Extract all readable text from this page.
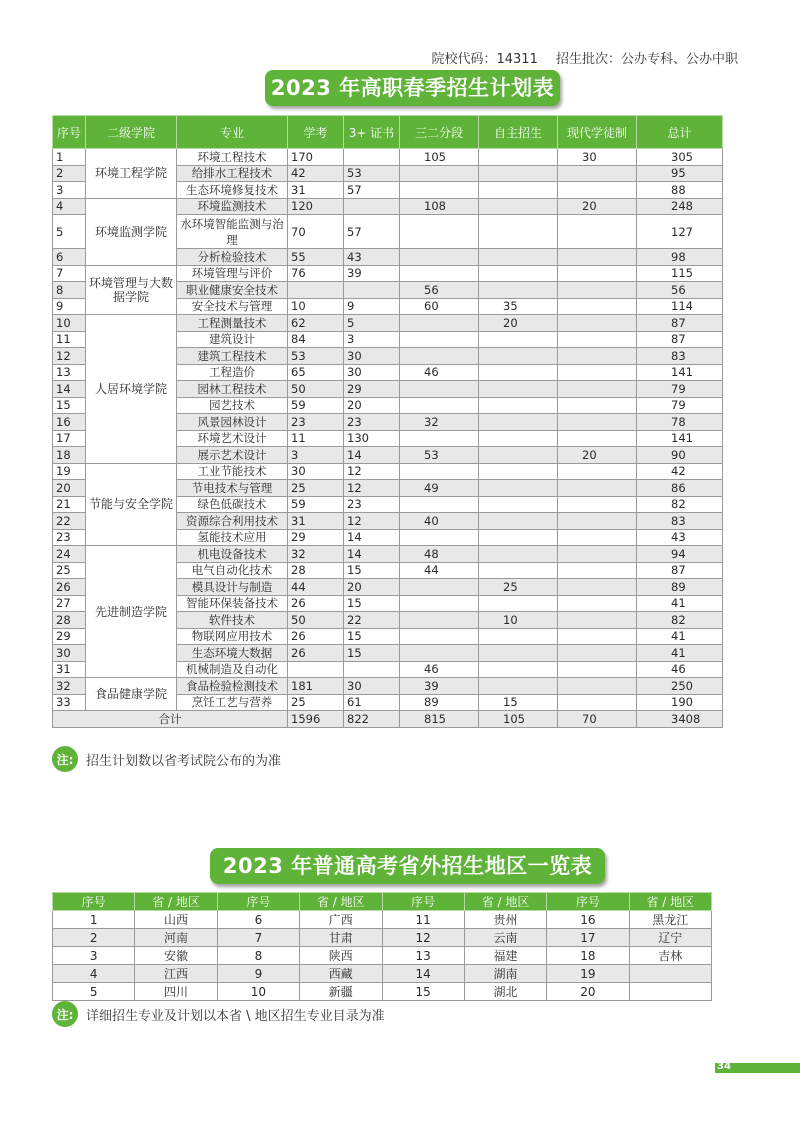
院校代码：14311 招生批次：公办专科、公办中职
2023 年高职春季招生计划表
序号	二级学院	专业	学考	3+ 证书	三二分段	自主招生	现代学徒制	总计
1	环境工程学院	环境工程技术	170		105		30	305
2		给排水工程技术	42	53				95
3		生态环境修复技术	31	57				88
4	环境监测学院	环境监测技术	120		108		20	248
5		水环境智能监测与治理	70	57				127
6		分析检验技术	55	43				98
7	环境管理与大数据学院	环境管理与评价	76	39				115
8		职业健康安全技术			56			56
9		安全技术与管理	10	9	60	35		114
10	人居环境学院	工程测量技术	62	5		20		87
11		建筑设计	84	3				87
12		建筑工程技术	53	30				83
13		工程造价	65	30	46			141
14		园林工程技术	50	29				79
15		园艺技术	59	20				79
16		风景园林设计	23	23	32			78
17		环境艺术设计	11	130				141
18		展示艺术设计	3	14	53		20	90
19	节能与安全学院	工业节能技术	30	12				42
20		节电技术与管理	25	12	49			86
21		绿色低碳技术	59	23				82
22		资源综合利用技术	31	12	40			83
23		氢能技术应用	29	14				43
24	先进制造学院	机电设备技术	32	14	48			94
25		电气自动化技术	28	15	44			87
26		模具设计与制造	44	20		25		89
27		智能环保装备技术	26	15				41
28		软件技术	50	22		10		82
29		物联网应用技术	26	15				41
30		生态环境大数据	26	15				41
31		机械制造及自动化			46			46
32	食品健康学院	食品检验检测技术	181	30	39			250
33		烹饪工艺与营养	25	61	89	15		190
合计			1596	822	815	105	70	3408
注: 招生计划数以省考试院公布的为准
2023 年普通高考省外招生地区一览表
序号	省 / 地区	序号	省 / 地区	序号	省 / 地区	序号	省 / 地区
1	山西	6	广西	11	贵州	16	黑龙江
2	河南	7	甘肃	12	云南	17	辽宁
3	安徽	8	陕西	13	福建	18	吉林
4	江西	9	西藏	14	湖南	19	
5	四川	10	新疆	15	湖北	20	
注: 详细招生专业及计划以本省 \ 地区招生专业目录为准
34
